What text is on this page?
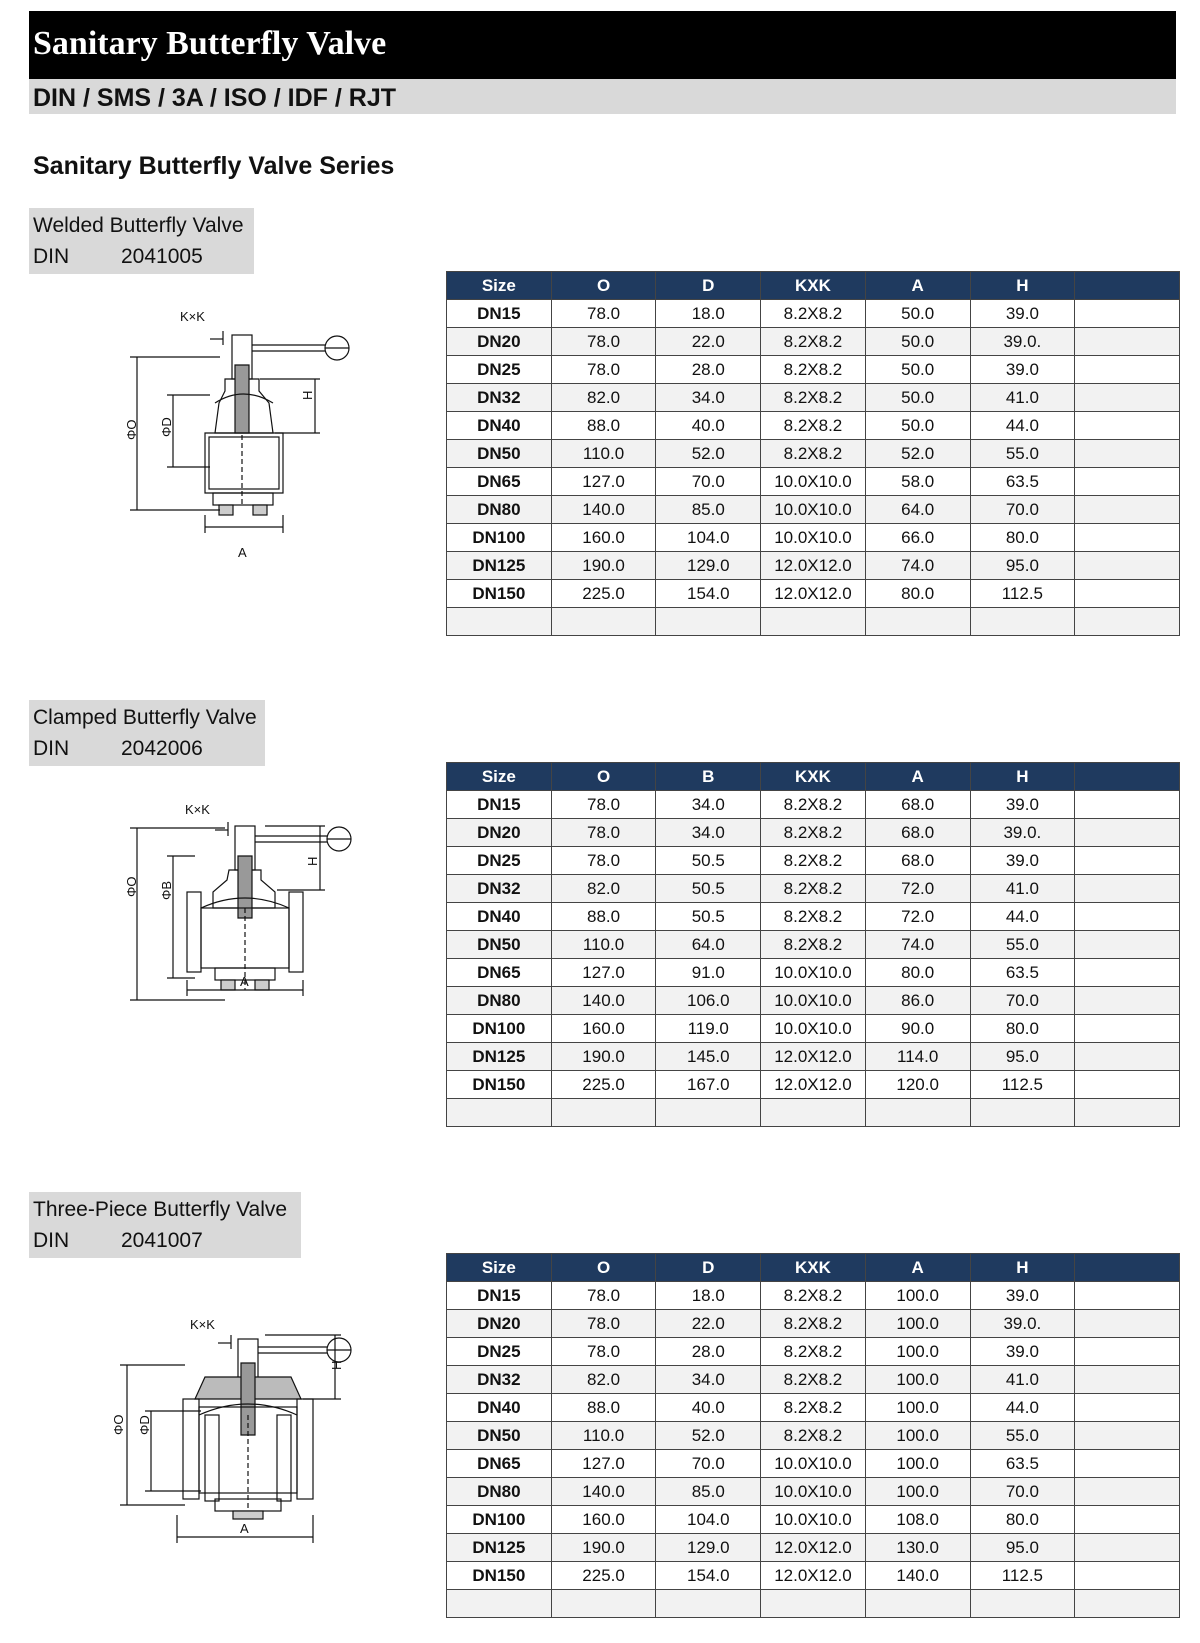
Sanitary Butterfly Valve
DIN / SMS / 3A / ISO / IDF / RJT
Sanitary Butterfly Valve Series
Welded Butterfly Valve
DIN 2041005
K×K
ΦO ΦD
H
A
Size	O	D	KXK	A	H	
DN15	78.0	18.0	8.2X8.2	50.0	39.0	
DN20	78.0	22.0	8.2X8.2	50.0	39.0.	
DN25	78.0	28.0	8.2X8.2	50.0	39.0	
DN32	82.0	34.0	8.2X8.2	50.0	41.0	
DN40	88.0	40.0	8.2X8.2	50.0	44.0	
DN50	110.0	52.0	8.2X8.2	52.0	55.0	
DN65	127.0	70.0	10.0X10.0	58.0	63.5	
DN80	140.0	85.0	10.0X10.0	64.0	70.0	
DN100	160.0	104.0	10.0X10.0	66.0	80.0	
DN125	190.0	129.0	12.0X12.0	74.0	95.0	
DN150	225.0	154.0	12.0X12.0	80.0	112.5	

Clamped Butterfly Valve
DIN 2042006
K×K
ΦO ΦB
H
A
Size	O	B	KXK	A	H	
DN15	78.0	34.0	8.2X8.2	68.0	39.0	
DN20	78.0	34.0	8.2X8.2	68.0	39.0.	
DN25	78.0	50.5	8.2X8.2	68.0	39.0	
DN32	82.0	50.5	8.2X8.2	72.0	41.0	
DN40	88.0	50.5	8.2X8.2	72.0	44.0	
DN50	110.0	64.0	8.2X8.2	74.0	55.0	
DN65	127.0	91.0	10.0X10.0	80.0	63.5	
DN80	140.0	106.0	10.0X10.0	86.0	70.0	
DN100	160.0	119.0	10.0X10.0	90.0	80.0	
DN125	190.0	145.0	12.0X12.0	114.0	95.0	
DN150	225.0	167.0	12.0X12.0	120.0	112.5	

Three-Piece Butterfly Valve
DIN 2041007
K×K
ΦO ΦD
H
A
Size	O	D	KXK	A	H	
DN15	78.0	18.0	8.2X8.2	100.0	39.0	
DN20	78.0	22.0	8.2X8.2	100.0	39.0.	
DN25	78.0	28.0	8.2X8.2	100.0	39.0	
DN32	82.0	34.0	8.2X8.2	100.0	41.0	
DN40	88.0	40.0	8.2X8.2	100.0	44.0	
DN50	110.0	52.0	8.2X8.2	100.0	55.0	
DN65	127.0	70.0	10.0X10.0	100.0	63.5	
DN80	140.0	85.0	10.0X10.0	100.0	70.0	
DN100	160.0	104.0	10.0X10.0	108.0	80.0	
DN125	190.0	129.0	12.0X12.0	130.0	95.0	
DN150	225.0	154.0	12.0X12.0	140.0	112.5	
